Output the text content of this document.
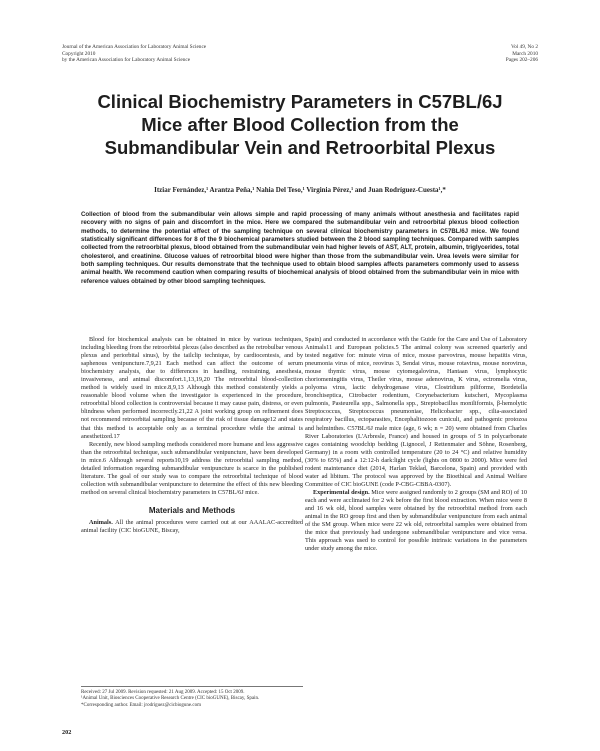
Journal of the American Association for Laboratory Animal Science
Copyright 2010
by the American Association for Laboratory Animal Science
Vol 49, No 2
March 2010
Pages 202–206
Clinical Biochemistry Parameters in C57BL/6J
Mice after Blood Collection from the
Submandibular Vein and Retroorbital Plexus
Itziar Fernández,¹ Arantza Peña,¹ Nahia Del Teso,¹ Virginia Pérez,¹ and Juan Rodríguez-Cuesta¹,*
Collection of blood from the submandibular vein allows simple and rapid processing of many animals without anesthesia and facilitates rapid recovery with no signs of pain and discomfort in the mice. Here we compared the submandibular vein and retroorbital plexus blood collection methods, to determine the potential effect of the sampling technique on several clinical biochemistry parameters in C57BL/6J mice. We found statistically significant differences for 8 of the 9 biochemical parameters studied between the 2 blood sampling techniques. Compared with samples collected from the retroorbital plexus, blood obtained from the submandibular vein had higher levels of AST, ALT, protein, albumin, triglycerides, total cholesterol, and creatinine. Glucose values of retroorbital blood were higher than those from the submandibular vein. Urea levels were similar for both sampling techniques. Our results demonstrate that the technique used to obtain blood samples affects parameters commonly used to assess animal health. We recommend caution when comparing results of biochemical analysis of blood obtained from the submandibular vein in mice with reference values obtained by other blood sampling techniques.

Blood for biochemical analysis can be obtained in mice by various techniques, including bleeding from the retroorbital plexus (also described as the retrobulbar venous plexus and periorbital sinus), by the tailclip technique, by cardiocentesis, and by saphenous venipuncture.7,9,21 Each method can affect the outcome of serum biochemistry analysis, due to differences in handling, restraining, anesthesia, invasiveness, and animal discomfort.1,13,19,20 The retroorbital blood-collection method is widely used in mice.8,9,13 Although this method consistently yields a reasonable blood volume when the investigator is experienced in the procedure, retroorbital blood collection is controversial because it may cause pain, distress, or even blindness when performed incorrectly.21,22 A joint working group on refinement does not recommend retroorbital sampling because of the risk of tissue damage12 and states that this method is acceptable only as a terminal procedure while the animal is anesthetized.17

Recently, new blood sampling methods considered more humane and less aggressive than the retroorbital technique, such submandibular venipuncture, have been developed in mice.6 Although several reports10,19 address the retroorbital sampling method, detailed information regarding submandibular venipuncture is scarce in the published literature. The goal of our study was to compare the retroorbital technique of blood collection with submandibular venipuncture to determine the effect of this new bleeding method on several clinical biochemistry parameters in C57BL/6J mice.

Materials and Methods

Animals. All the animal procedures were carried out at our AAALAC-accredited animal facility (CIC bioGUNE, Biscay,

Spain) and conducted in accordance with the Guide for the Care and Use of Laboratory Animals11 and European policies.5 The animal colony was screened quarterly and tested negative for: minute virus of mice, mouse parvovirus, mouse hepatitis virus, pneumonia virus of mice, reovirus 3, Sendai virus, mouse rotavirus, mouse norovirus, mouse thymic virus, mouse cytomegalovirus, Hantaan virus, lymphocytic choriomeningitis virus, Theiler virus, mouse adenovirus, K virus, ectromelia virus, polyoma virus, lactic dehydrogenase virus, Clostridium piliforme, Bordetella bronchiseptica, Citrobacter rodentium, Corynebacterium kutscheri, Mycoplasma pulmonis, Pasteurella spp., Salmonella spp., Streptobacillus moniliformis, β-hemolytic Streptococcus, Streptococcus pneumoniae, Helicobacter spp., cilia-associated respiratory bacillus, ectoparasites, Encephalitozoon cuniculi, and pathogenic protozoa and helminthes. C57BL/6J male mice (age, 6 wk; n = 20) were obtained from Charles River Laboratories (L'Arbresle, France) and housed in groups of 5 in polycarbonate cages containing woodchip bedding (Lignocel, J Rettenmaier and Söhne, Rosenberg, Germany) in a room with controlled temperature (20 to 24 °C) and relative humidity (30% to 65%) and a 12:12-h dark:light cycle (lights on 0800 to 2000). Mice were fed rodent maintenance diet (2014, Harlan Teklad, Barcelona, Spain) and provided with water ad libitum. The protocol was approved by the Bioethical and Animal Welfare Committee of CIC bioGUNE (code P-CBG-CBBA-0307).

Experimental design. Mice were assigned randomly to 2 groups (SM and RO) of 10 each and were acclimated for 2 wk before the first blood extraction. When mice were 8 and 16 wk old, blood samples were obtained by the retroorbital method from each animal in the RO group first and then by submandibular venipuncture from each animal of the SM group. When mice were 22 wk old, retroorbital samples were obtained from the mice that previously had undergone submandibular venipuncture and vice versa. This approach was used to control for possible intrinsic variations in the parameters under study among the mice.

Received: 27 Jul 2009. Revision requested: 21 Aug 2009. Accepted: 15 Oct 2009.
¹Animal Unit, Biosciences Cooperative Research Centre (CIC bioGUNE), Biscay, Spain.
*Corresponding author. Email: jrodriguez@cicbiogune.com
202
